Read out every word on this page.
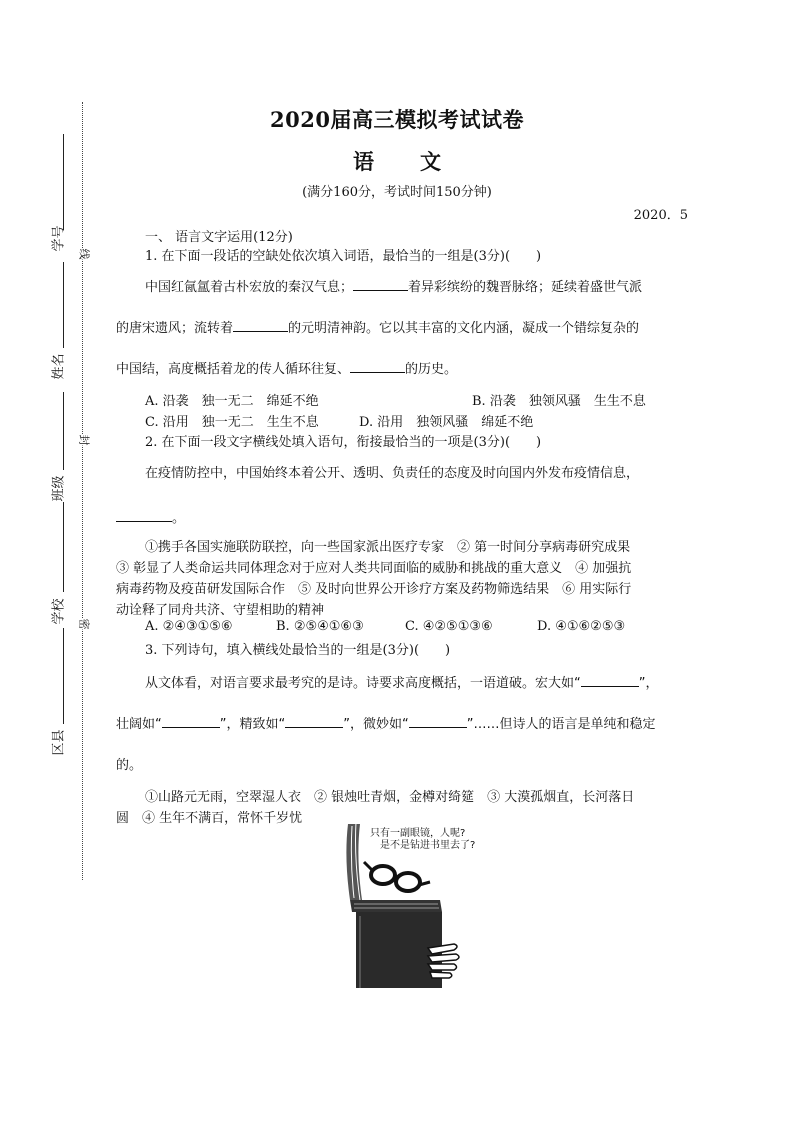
学号
姓名
班级
学校
区县
线
封
密
2020届高三模拟考试试卷
语文
(满分160分，考试时间150分钟)
2020．5
一、 语言文字运用(12分)
1. 在下面一段话的空缺处依次填入词语，最恰当的一组是(3分)(　　)
中国红氤氲着古朴宏放的秦汉气息；	着异彩缤纷的魏晋脉络；延续着盛世气派
的唐宋遗风；流转着	的元明清神韵。它以其丰富的文化内涵，凝成一个错综复杂的
中国结，高度概括着龙的传人循环往复、	的历史。
A. 沿袭　独一无二　绵延不绝	B. 沿袭　独领风骚　生生不息
C. 沿用　独一无二　生生不息	D. 沿用　独领风骚　绵延不绝
2. 在下面一段文字横线处填入语句，衔接最恰当的一项是(3分)(　　)
在疫情防控中，中国始终本着公开、透明、负责任的态度及时向国内外发布疫情信息，
。
①携手各国实施联防联控，向一些国家派出医疗专家　② 第一时间分享病毒研究成果
③ 彰显了人类命运共同体理念对于应对人类共同面临的威胁和挑战的重大意义　④ 加强抗
病毒药物及疫苗研发国际合作　⑤ 及时向世界公开诊疗方案及药物筛选结果　⑥ 用实际行
动诠释了同舟共济、守望相助的精神
A. ②④③①⑤⑥	B. ②⑤④①⑥③	C. ④②⑤①③⑥	D. ④①⑥②⑤③
3. 下列诗句，填入横线处最恰当的一组是(3分)(　　)
从文体看，对语言要求最考究的是诗。诗要求高度概括，一语道破。宏大如“	”，
壮阔如“	”，精致如“	”，微妙如“	”……但诗人的语言是单纯和稳定
的。
①山路元无雨，空翠湿人衣　② 银烛吐青烟，金樽对绮筵　③ 大漠孤烟直，长河落日
圆　④ 生年不满百，常怀千岁忧
只有一副眼镜，人呢?
是不是钻进书里去了?
